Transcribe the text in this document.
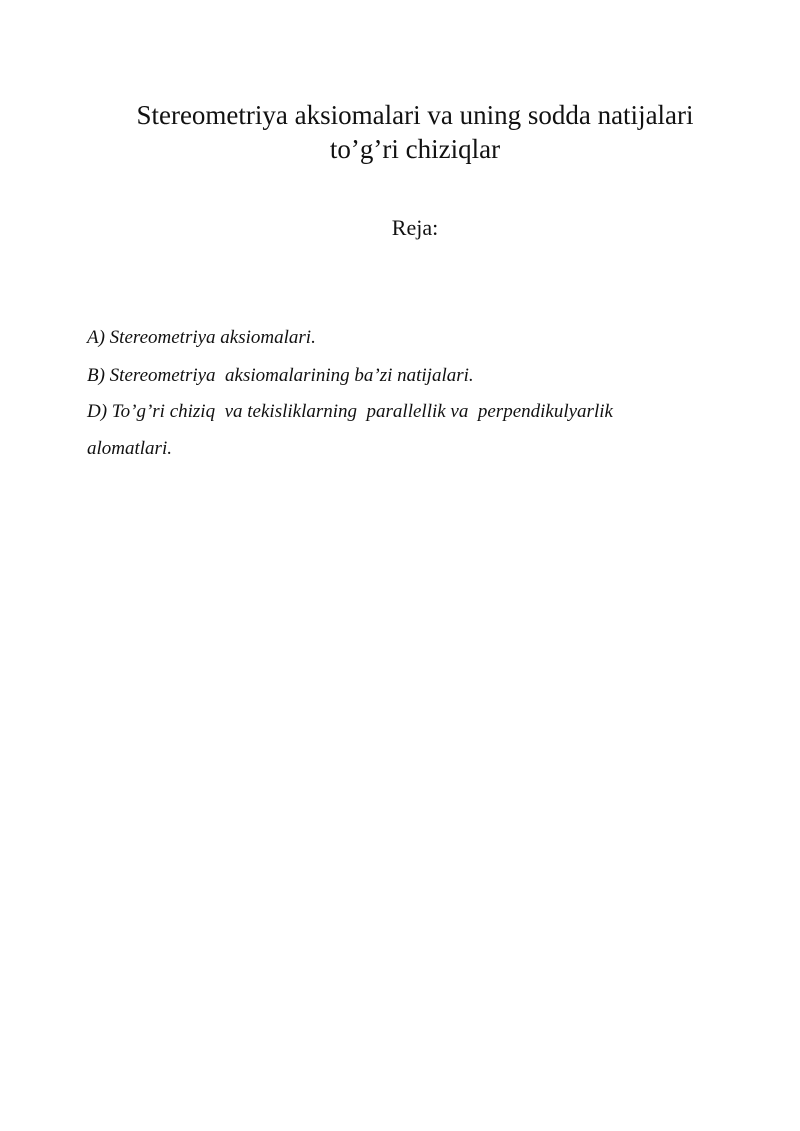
Stereometriya aksiomalari va uning sodda natijalari
to’g’ri chiziqlar
Reja:
A) Stereometriya aksiomalari.
B) Stereometriya  aksiomalarining ba’zi natijalari.
D) To’g’ri chiziq  va tekisliklarning  parallellik va  perpendikulyarlik
alomatlari.
